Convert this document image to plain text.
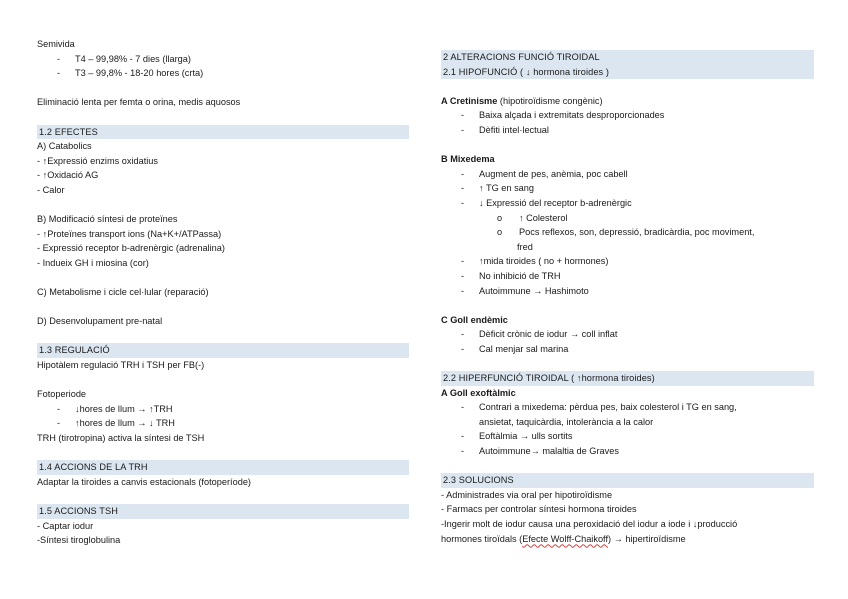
Semivida
- T4 – 99,98% - 7 dies (llarga)
- T3 – 99,8% - 18-20 hores (crta)
Eliminació lenta per femta o orina, medis aquosos
1.2 EFECTES
A) Catabolics
- ↑Expressió enzims oxidatius
- ↑Oxidació AG
- Calor
B) Modificació síntesi de proteïnes
- ↑Proteïnes transport ions (Na+K+/ATPassa)
- Expressió receptor b-adrenèrgic (adrenalina)
- Indueix GH i miosina (cor)
C) Metabolisme i cicle cel·lular (reparació)
D) Desenvolupament pre-natal
1.3 REGULACIÓ
Hipotàlem regulació TRH i TSH per FB(-)
Fotoperiode
- ↓hores de llum → ↑TRH
- ↑hores de llum → ↓ TRH
TRH (tirotropina) activa la síntesi de TSH
1.4 ACCIONS DE LA TRH
Adaptar la tiroides a canvis estacionals (fotoperíode)
1.5 ACCIONS TSH
- Captar iodur
-Síntesi tiroglobulina
2 ALTERACIONS FUNCIÓ TIROIDAL
2.1 HIPOFUNCIÓ ( ↓ hormona tiroides )
A Cretinisme (hipotiroïdisme congènic)
- Baixa alçada i extremitats desproporcionades
- Dèfiti intel·lectual
B Mixedema
- Augment de pes, anèmia, poc cabell
- ↑ TG en sang
- ↓ Expressió del receptor b-adrenèrgic
o ↑ Colesterol
o Pocs reflexos, son, depressió, bradicàrdia, poc moviment,
fred
- ↑mida tiroides ( no + hormones)
- No inhibició de TRH
- Autoimmune → Hashimoto
C Goll endèmic
- Dèficit crònic de iodur → coll inflat
- Cal menjar sal marina
2.2 HIPERFUNCIÓ TIROIDAL ( ↑hormona tiroides)
A Goll exoftàlmic
- Contrari a mixedema: pèrdua pes, baix colesterol i TG en sang,
ansietat, taquicàrdia, intolerància a la calor
- Eoftàlmia → ulls sortits
- Autoimmune→ malaltia de Graves
2.3 SOLUCIONS
- Administrades via oral per hipotiroïdisme
- Farmacs per controlar síntesi hormona tiroides
-Ingerir molt de iodur causa una peroxidació del iodur a iode i ↓producció
hormones tiroïdals (Efecte Wolff-Chaikoff) → hipertiroïdisme
